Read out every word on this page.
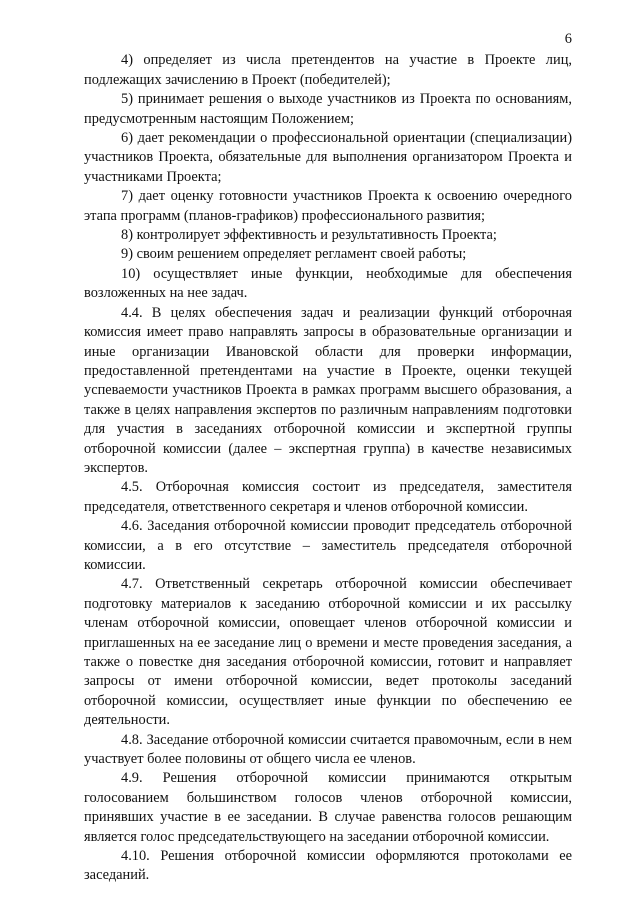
6

4) определяет из числа претендентов на участие в Проекте лиц, подлежащих зачислению в Проект (победителей);

5) принимает решения о выходе участников из Проекта по основаниям, предусмотренным настоящим Положением;

6) дает рекомендации о профессиональной ориентации (специализации) участников Проекта, обязательные для выполнения организатором Проекта и участниками Проекта;

7) дает оценку готовности участников Проекта к освоению очередного этапа программ (планов-графиков) профессионального развития;

8) контролирует эффективность и результативность Проекта;

9) своим решением определяет регламент своей работы;

10) осуществляет иные функции, необходимые для обеспечения возложенных на нее задач.

4.4. В целях обеспечения задач и реализации функций отборочная комиссия имеет право направлять запросы в образовательные организации и иные организации Ивановской области для проверки информации, предоставленной претендентами на участие в Проекте, оценки текущей успеваемости участников Проекта в рамках программ высшего образования, а также в целях направления экспертов по различным направлениям подготовки для участия в заседаниях отборочной комиссии и экспертной группы отборочной комиссии (далее – экспертная группа) в качестве независимых экспертов.

4.5. Отборочная комиссия состоит из председателя, заместителя председателя, ответственного секретаря и членов отборочной комиссии.

4.6. Заседания отборочной комиссии проводит председатель отборочной комиссии, а в его отсутствие – заместитель председателя отборочной комиссии.

4.7. Ответственный секретарь отборочной комиссии обеспечивает подготовку материалов к заседанию отборочной комиссии и их рассылку членам отборочной комиссии, оповещает членов отборочной комиссии и приглашенных на ее заседание лиц о времени и месте проведения заседания, а также о повестке дня заседания отборочной комиссии, готовит и направляет запросы от имени отборочной комиссии, ведет протоколы заседаний отборочной комиссии, осуществляет иные функции по обеспечению ее деятельности.

4.8. Заседание отборочной комиссии считается правомочным, если в нем участвует более половины от общего числа ее членов.

4.9. Решения отборочной комиссии принимаются открытым голосованием большинством голосов членов отборочной комиссии, принявших участие в ее заседании. В случае равенства голосов решающим является голос председательствующего на заседании отборочной комиссии.

4.10. Решения отборочной комиссии оформляются протоколами ее заседаний.
